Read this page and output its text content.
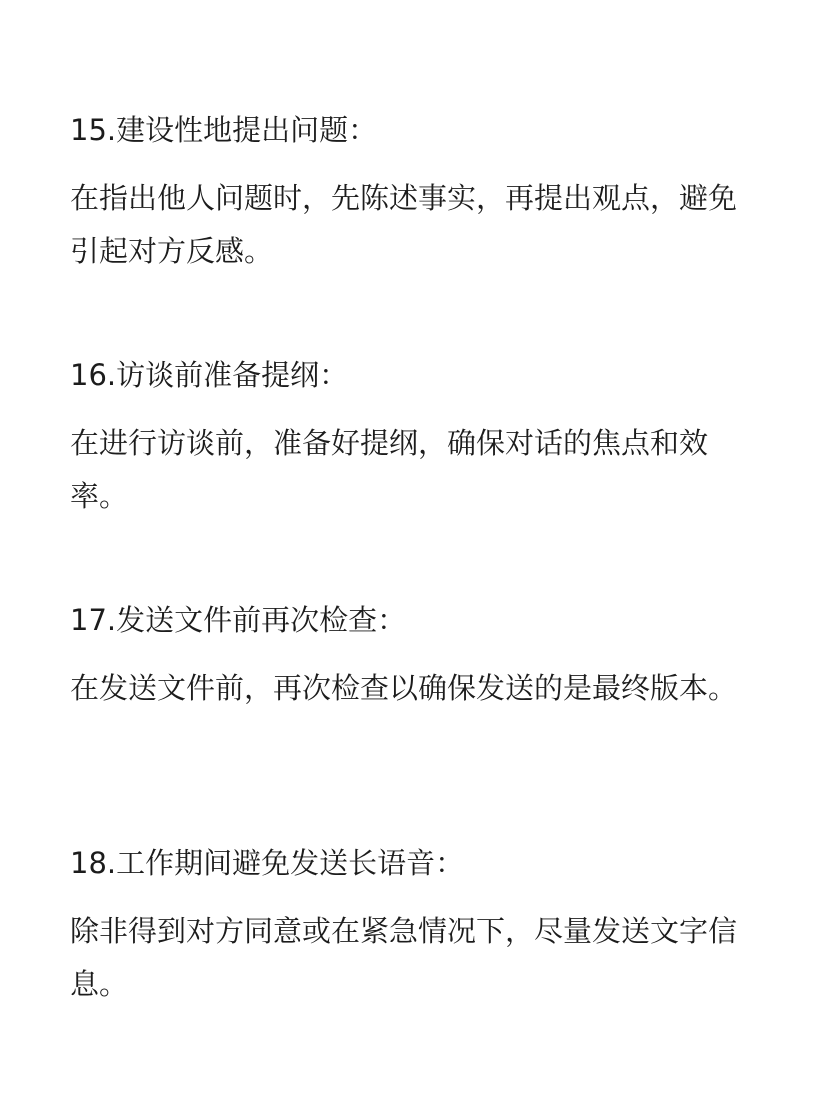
15.建设性地提出问题：
在指出他人问题时，先陈述事实，再提出观点，避免引起对方反感。
16.访谈前准备提纲：
在进行访谈前，准备好提纲，确保对话的焦点和效率。
17.发送文件前再次检查：
在发送文件前，再次检查以确保发送的是最终版本。
18.工作期间避免发送长语音：
除非得到对方同意或在紧急情况下，尽量发送文字信息。
